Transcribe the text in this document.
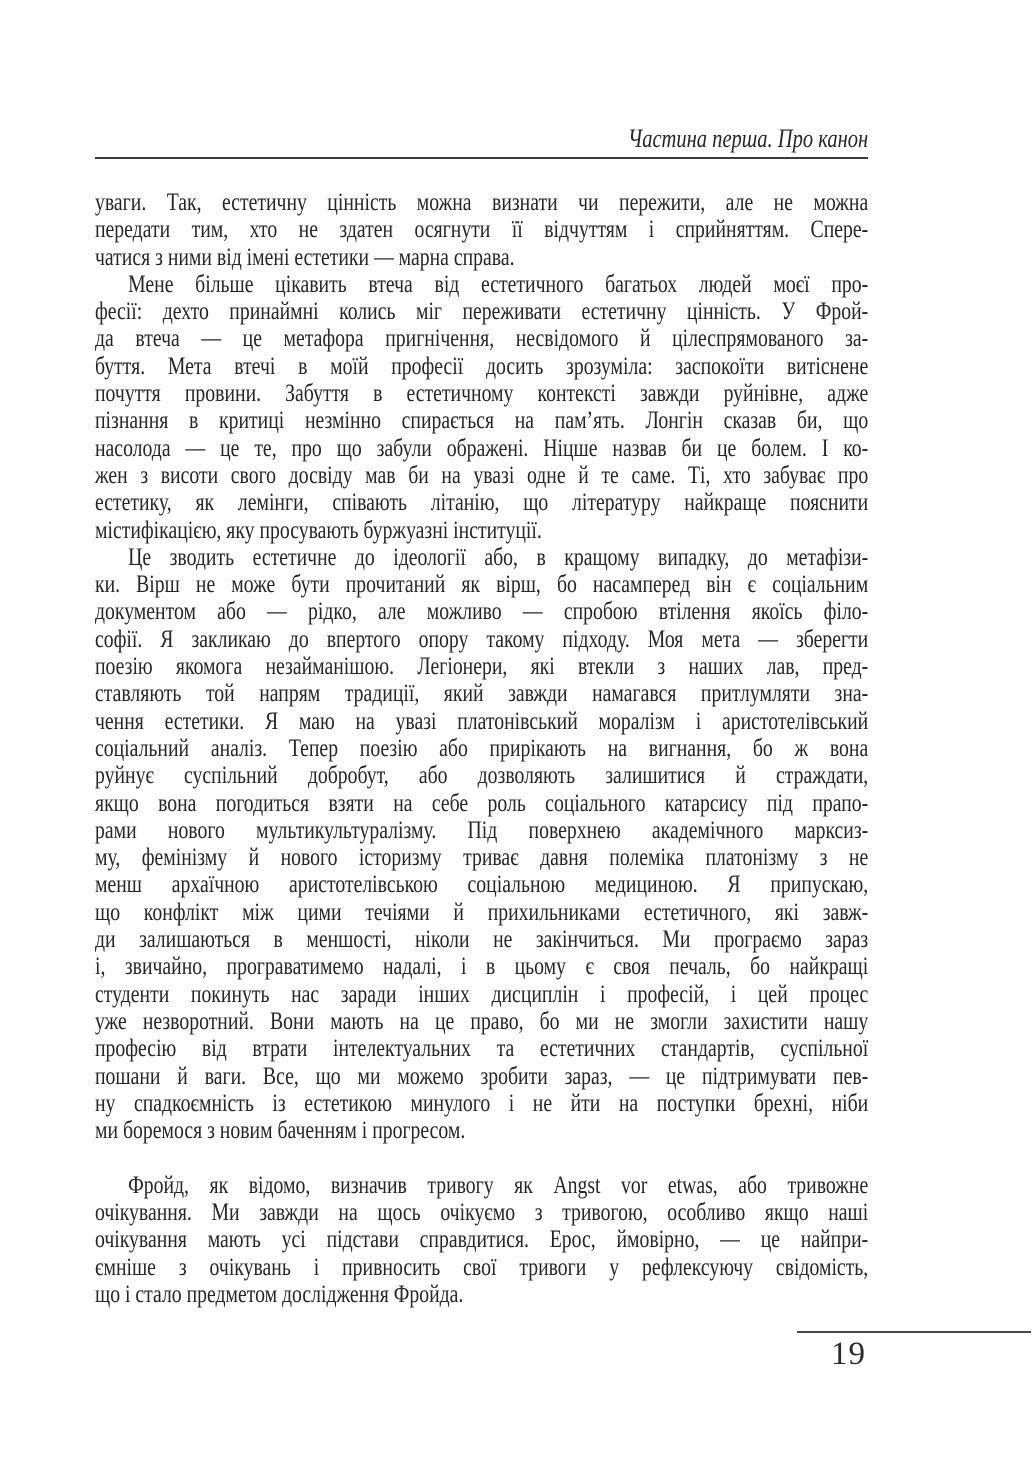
Частина перша. Про канон
уваги. Так, естетичну цінність можна визнати чи пережити, але не можна
передати тим, хто не здатен осягнути її відчуттям і сприйняттям. Спере-
чатися з ними від імені естетики — марна справа.
Мене більше цікавить втеча від естетичного багатьох людей моєї про-
фесії: дехто принаймні колись міг переживати естетичну цінність. У Фрой-
да втеча — це метафора пригнічення, несвідомого й цілеспрямованого за-
буття. Мета втечі в моїй професії досить зрозуміла: заспокоїти витіснене
почуття провини. Забуття в естетичному контексті завжди руйнівне, адже
пізнання в критиці незмінно спирається на пам’ять. Лонгін сказав би, що
насолода — це те, про що забули ображені. Ніцше назвав би це болем. І ко-
жен з висоти свого досвіду мав би на увазі одне й те саме. Ті, хто забуває про
естетику, як лемінги, співають літанію, що літературу найкраще пояснити
містифікацією, яку просувають буржуазні інституції.
Це зводить естетичне до ідеології або, в кращому випадку, до метафізи-
ки. Вірш не може бути прочитаний як вірш, бо насамперед він є соціальним
документом або — рідко, але можливо — спробою втілення якоїсь філо-
софії. Я закликаю до впертого опору такому підходу. Моя мета — зберегти
поезію якомога незайманішою. Легіонери, які втекли з наших лав, пред-
ставляють той напрям традиції, який завжди намагався притлумляти зна-
чення естетики. Я маю на увазі платонівський моралізм і аристотелівський
соціальний аналіз. Тепер поезію або прирікають на вигнання, бо ж вона
руйнує суспільний добробут, або дозволяють залишитися й страждати,
якщо вона погодиться взяти на себе роль соціального катарсису під прапо-
рами нового мультикультуралізму. Під поверхнею академічного марксиз-
му, фемінізму й нового історизму триває давня полеміка платонізму з не
менш архаїчною аристотелівською соціальною медициною. Я припускаю,
що конфлікт між цими течіями й прихильниками естетичного, які завж-
ди залишаються в меншості, ніколи не закінчиться. Ми програємо зараз
і, звичайно, програватимемо надалі, і в цьому є своя печаль, бо найкращі
студенти покинуть нас заради інших дисциплін і професій, і цей процес
уже незворотний. Вони мають на це право, бо ми не змогли захистити нашу
професію від втрати інтелектуальних та естетичних стандартів, суспільної
пошани й ваги. Все, що ми можемо зробити зараз, — це підтримувати пев-
ну спадкоємність із естетикою минулого і не йти на поступки брехні, ніби
ми боремося з новим баченням і прогресом.
Фройд, як відомо, визначив тривогу як Angst vor etwas, або тривожне
очікування. Ми завжди на щось очікуємо з тривогою, особливо якщо наші
очікування мають усі підстави справдитися. Ерос, ймовірно, — це найпри-
ємніше з очікувань і привносить свої тривоги у рефлексуючу свідомість,
що і стало предметом дослідження Фройда.
19
